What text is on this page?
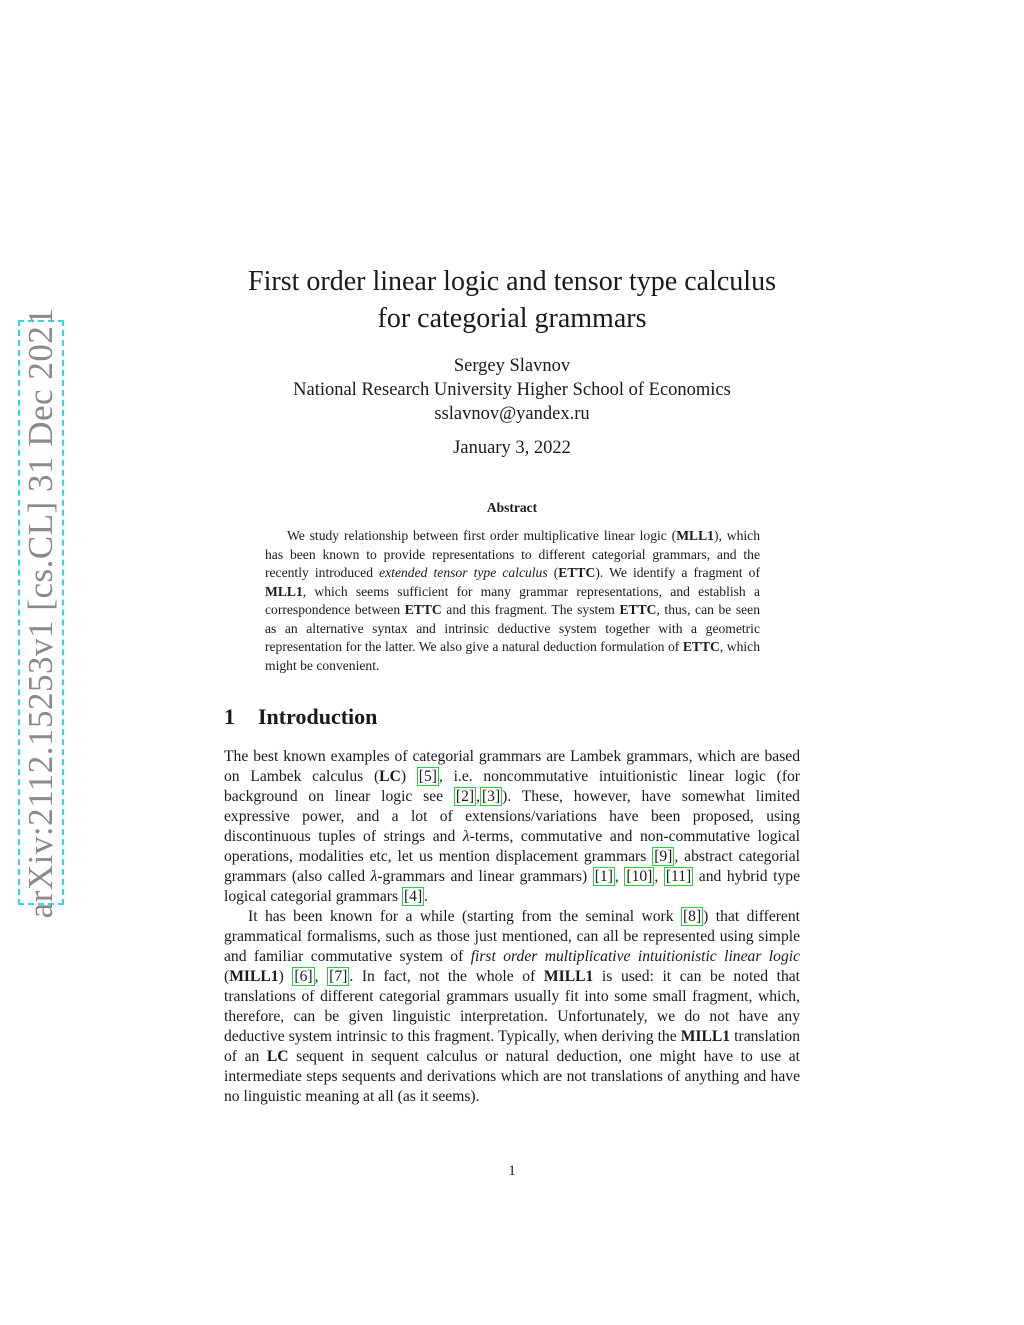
arXiv:2112.15253v1 [cs.CL] 31 Dec 2021
First order linear logic and tensor type calculus
for categorial grammars
Sergey Slavnov
National Research University Higher School of Economics
sslavnov@yandex.ru
January 3, 2022
Abstract

We study relationship between first order multiplicative linear logic (MLL1), which has been known to provide representations to different categorial grammars, and the recently introduced extended tensor type calculus (ETTC). We identify a fragment of MLL1, which seems sufficient for many grammar representations, and establish a correspondence between ETTC and this fragment. The system ETTC, thus, can be seen as an alternative syntax and intrinsic deductive system together with a geometric representation for the latter. We also give a natural deduction formulation of ETTC, which might be convenient.

1 Introduction

The best known examples of categorial grammars are Lambek grammars, which are based on Lambek calculus (LC) [5] , i.e. noncommutative intuitionistic linear logic (for background on linear logic see [2] , [3] ). These, however, have somewhat limited expressive power, and a lot of extensions/variations have been proposed, using discontinuous tuples of strings and λ-terms, commutative and non-commutative logical operations, modalities etc, let us mention displacement grammars [9] , abstract categorial grammars (also called λ-grammars and linear grammars) [1] , [10] , [11] and hybrid type logical categorial grammars [4] .

It has been known for a while (starting from the seminal work [8] ) that different grammatical formalisms, such as those just mentioned, can all be represented using simple and familiar commutative system of first order multiplicative intuitionistic linear logic (MILL1) [6] , [7] . In fact, not the whole of MILL1 is used: it can be noted that translations of different categorial grammars usually fit into some small fragment, which, therefore, can be given linguistic interpretation. Unfortunately, we do not have any deductive system intrinsic to this fragment. Typically, when deriving the MILL1 translation of an LC sequent in sequent calculus or natural deduction, one might have to use at intermediate steps sequents and derivations which are not translations of anything and have no linguistic meaning at all (as it seems).

1
